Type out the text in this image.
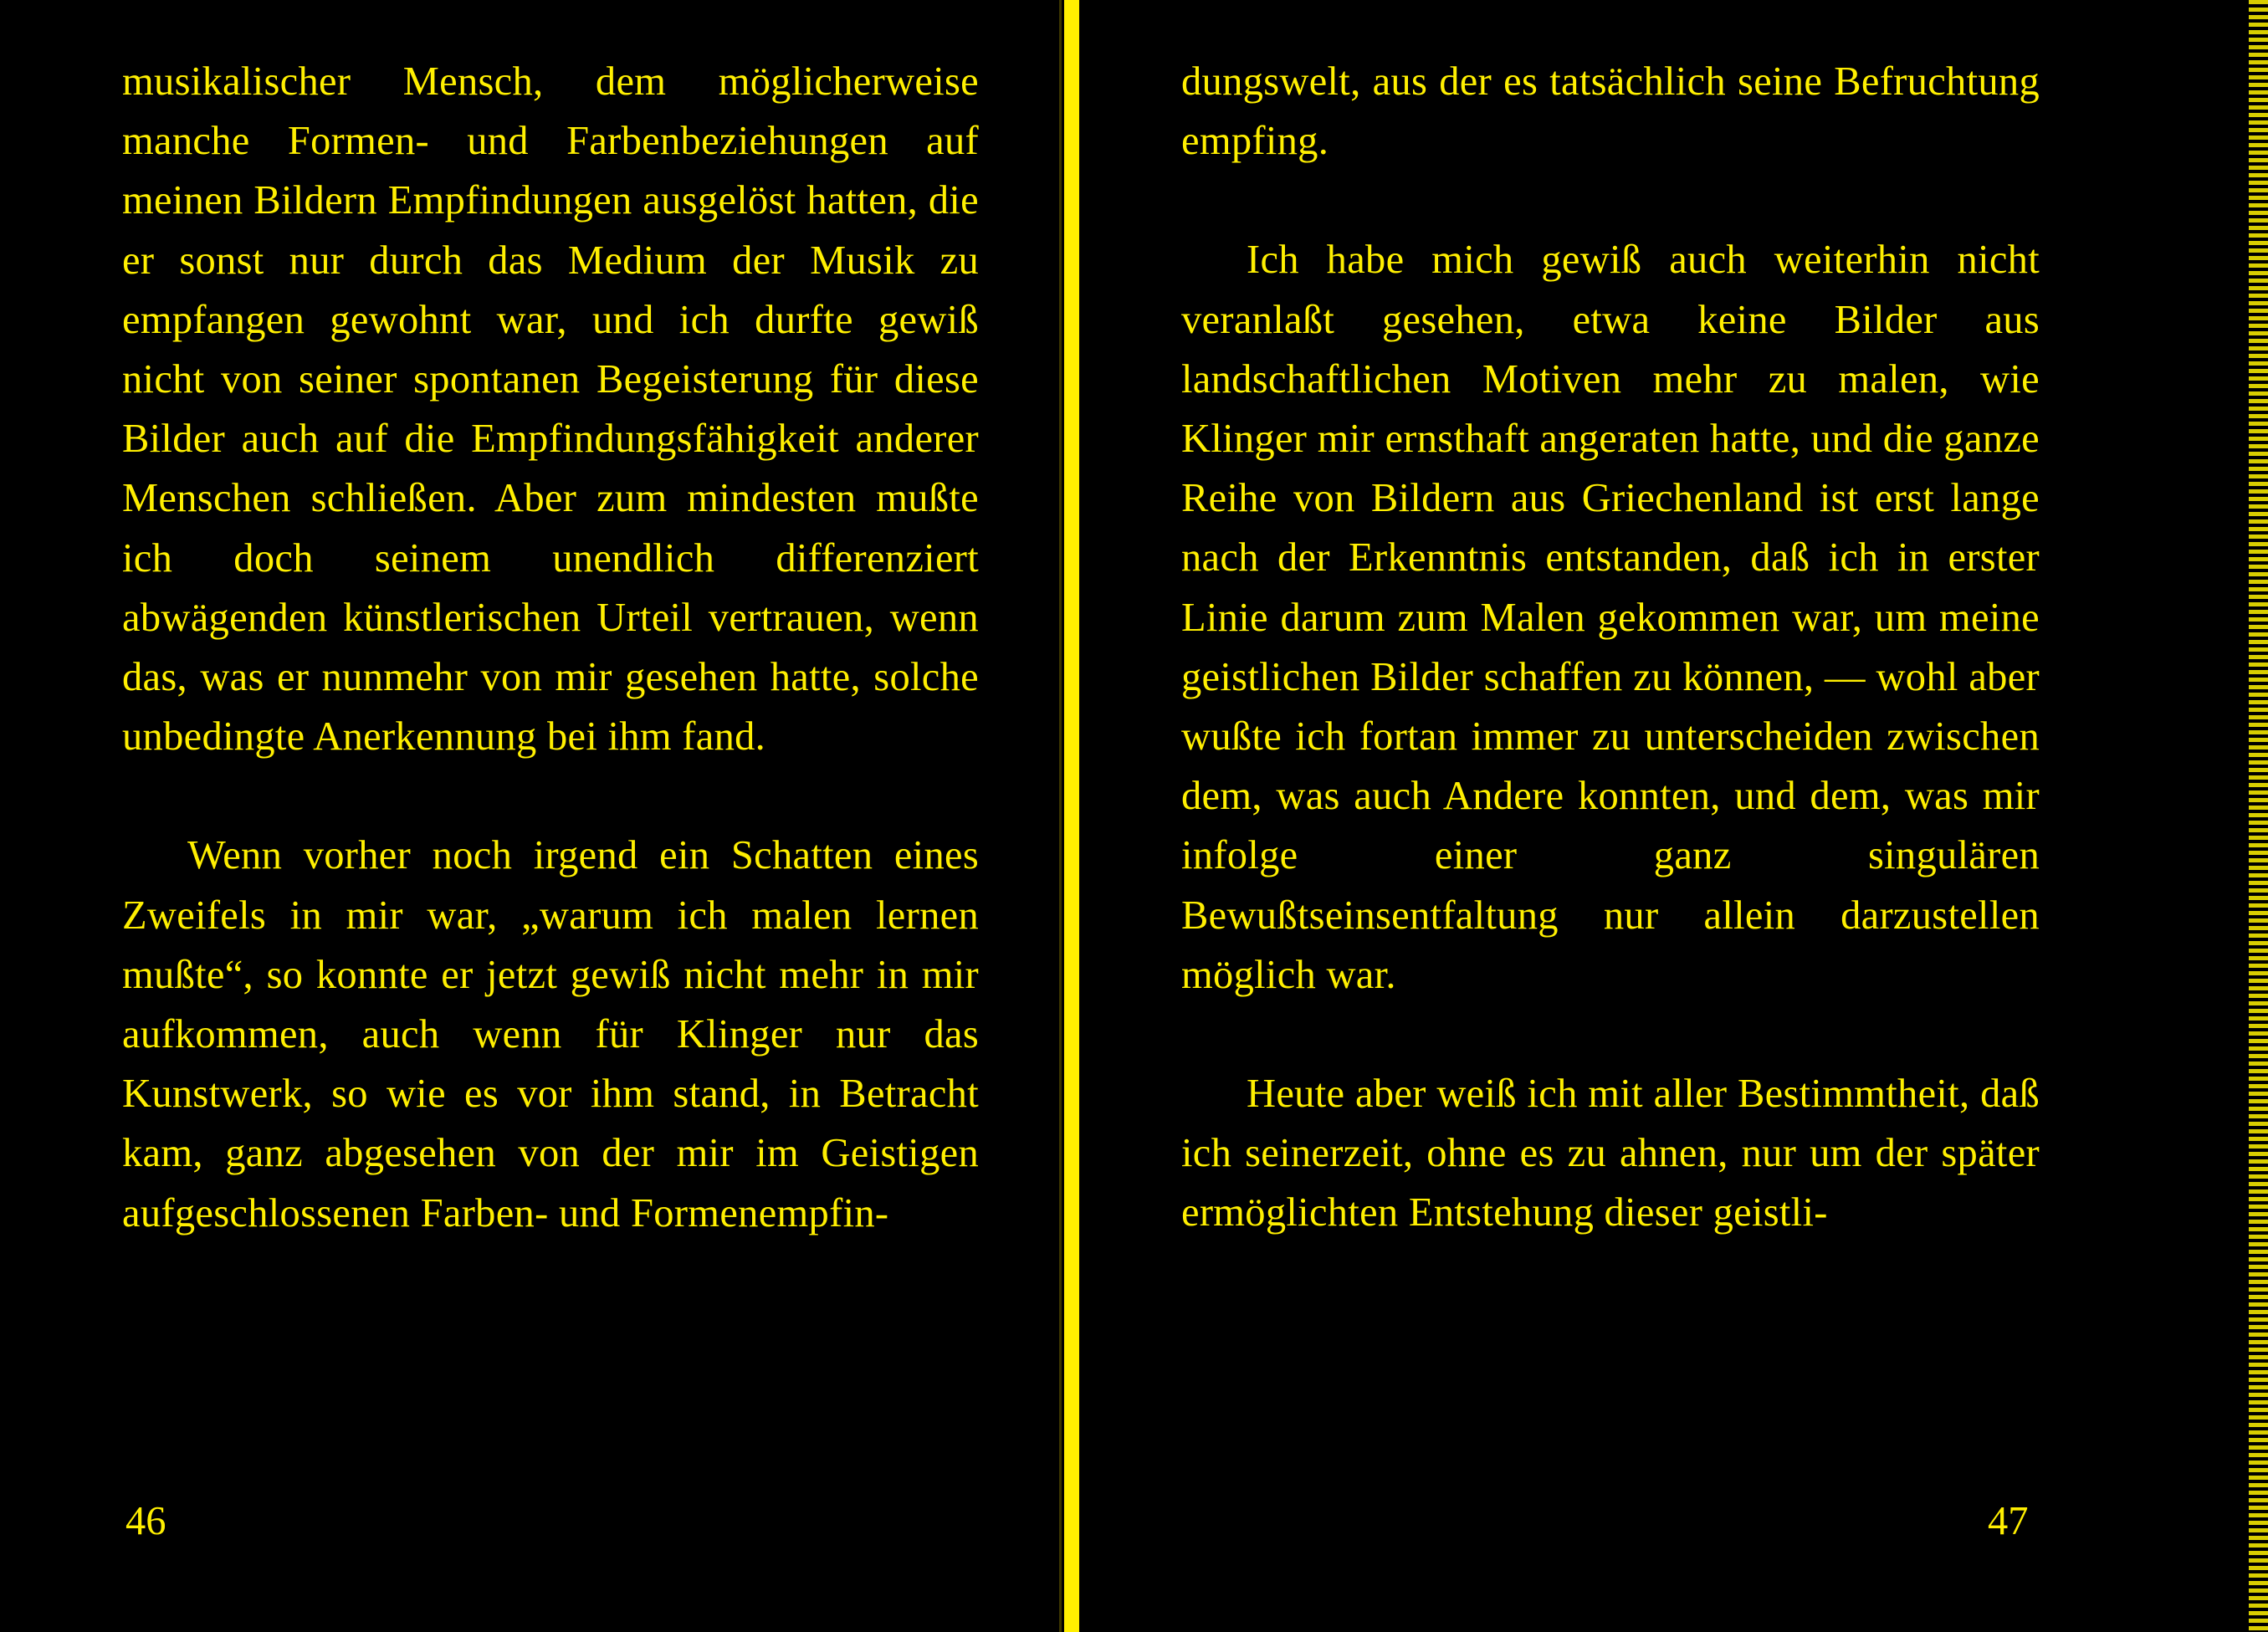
musikalischer Mensch, dem möglicherweise manche Formen- und Farbenbeziehungen auf meinen Bildern Empfindungen ausgelöst hatten, die er sonst nur durch das Medium der Musik zu empfangen gewohnt war, und ich durfte gewiß nicht von seiner spontanen Begeisterung für diese Bilder auch auf die Empfindungsfähigkeit anderer Menschen schließen. Aber zum mindesten mußte ich doch seinem unendlich differenziert abwägenden künstlerischen Urteil vertrauen, wenn das, was er nunmehr von mir gesehen hatte, solche unbedingte Anerkennung bei ihm fand.

Wenn vorher noch irgend ein Schatten eines Zweifels in mir war, „warum ich malen lernen mußte“, so konnte er jetzt gewiß nicht mehr in mir aufkommen, auch wenn für Klinger nur das Kunstwerk, so wie es vor ihm stand, in Betracht kam, ganz abgesehen von der mir im Geistigen aufgeschlossenen Farben- und Formenempfin-

46

dungswelt, aus der es tatsächlich seine Befruchtung empfing.

Ich habe mich gewiß auch weiterhin nicht veranlaßt gesehen, etwa keine Bilder aus landschaftlichen Motiven mehr zu malen, wie Klinger mir ernsthaft angeraten hatte, und die ganze Reihe von Bildern aus Griechenland ist erst lange nach der Erkenntnis entstanden, daß ich in erster Linie darum zum Malen gekommen war, um meine geistlichen Bilder schaffen zu können, — wohl aber wußte ich fortan immer zu unterscheiden zwischen dem, was auch Andere konnten, und dem, was mir infolge einer ganz singulären Bewußtseinsentfaltung nur allein darzustellen möglich war.

Heute aber weiß ich mit aller Bestimmtheit, daß ich seinerzeit, ohne es zu ahnen, nur um der später ermöglichten Entstehung dieser geistli-

47
